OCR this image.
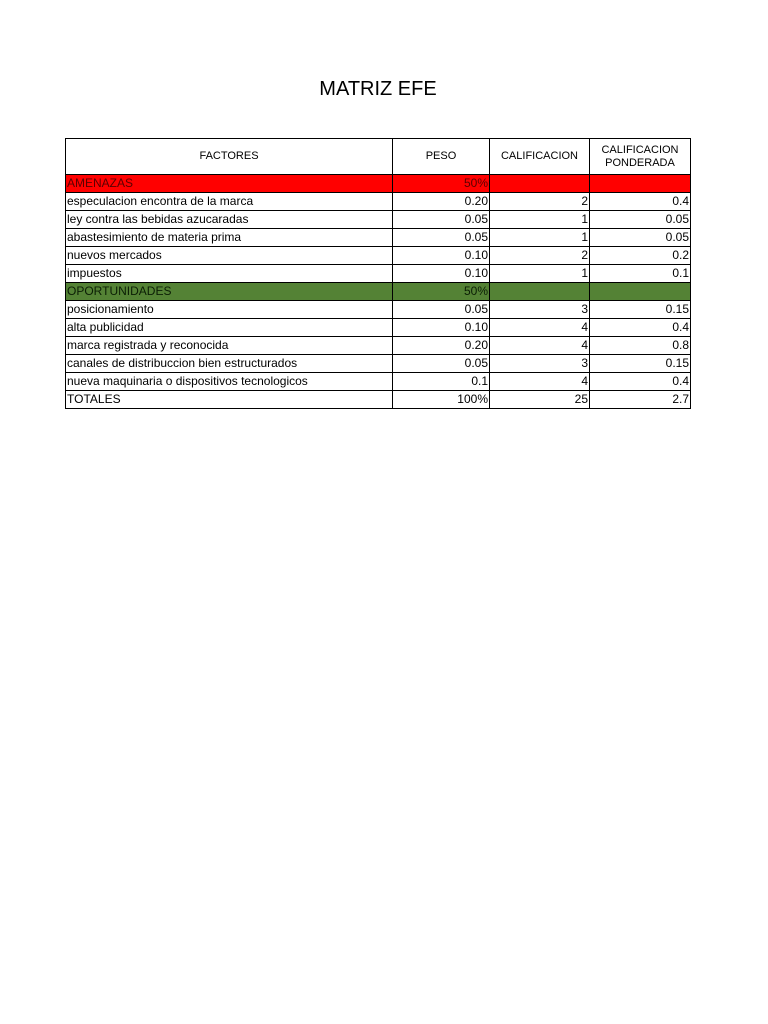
MATRIZ EFE
FACTORES	PESO	CALIFICACION	CALIFICACION PONDERADA
AMENAZAS	50%		
especulacion encontra de la marca	0.20	2	0.4
ley contra las bebidas azucaradas	0.05	1	0.05
abastesimiento de materia prima	0.05	1	0.05
nuevos mercados	0.10	2	0.2
impuestos	0.10	1	0.1
OPORTUNIDADES	50%		
posicionamiento	0.05	3	0.15
alta publicidad	0.10	4	0.4
marca registrada y reconocida	0.20	4	0.8
canales de distribuccion bien estructurados	0.05	3	0.15
nueva maquinaria o dispositivos tecnologicos	0.1	4	0.4
TOTALES	100%	25	2.7
